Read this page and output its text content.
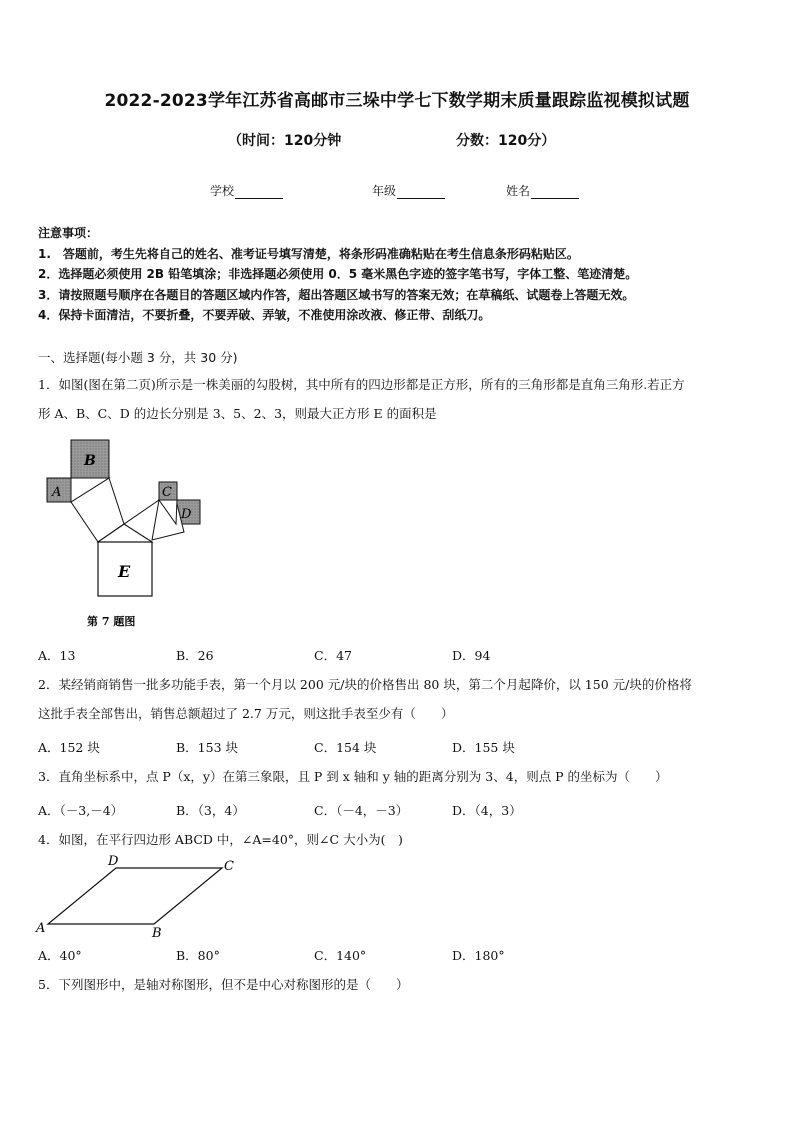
2022-2023学年江苏省高邮市三垛中学七下数学期末质量跟踪监视模拟试题
（时间：120分钟	分数：120分）
学校	年级	姓名
注意事项：
1.　答题前，考生先将自己的姓名、准考证号填写清楚，将条形码准确粘贴在考生信息条形码粘贴区。
2．选择题必须使用 2B 铅笔填涂；非选择题必须使用 0．5 毫米黑色字迹的签字笔书写，字体工整、笔迹清楚。
3．请按照题号顺序在各题目的答题区域内作答，超出答题区域书写的答案无效；在草稿纸、试题卷上答题无效。
4．保持卡面清洁，不要折叠，不要弄破、弄皱，不准使用涂改液、修正带、刮纸刀。
一、选择题(每小题 3 分，共 30 分)
1．如图(图在第二页)所示是一株美丽的勾股树，其中所有的四边形都是正方形，所有的三角形都是直角三角形.若正方
形 A、B、C、D 的边长分别是 3、5、2、3，则最大正方形 E 的面积是
B
A	C
D
E
第 7 题图
A．13	B．26	C．47	D．94
2．某经销商销售一批多功能手表，第一个月以 200 元/块的价格售出 80 块，第二个月起降价，以 150 元/块的价格将
这批手表全部售出，销售总额超过了 2.7 万元，则这批手表至少有（　　）
A．152 块	B．153 块	C．154 块	D．155 块
3．直角坐标系中，点 P（x，y）在第三象限，且 P 到 x 轴和 y 轴的距离分别为 3、4，则点 P 的坐标为（　　）
A．（－3,－4）	B．（3，4）	C．（－4，－3）	D．（4，3）
4．如图，在平行四边形 ABCD 中，∠A=40°，则∠C 大小为(　)
D	C
A	B
A．40°	B．80°	C．140°	D．180°
5．下列图形中，是轴对称图形，但不是中心对称图形的是（　　）
